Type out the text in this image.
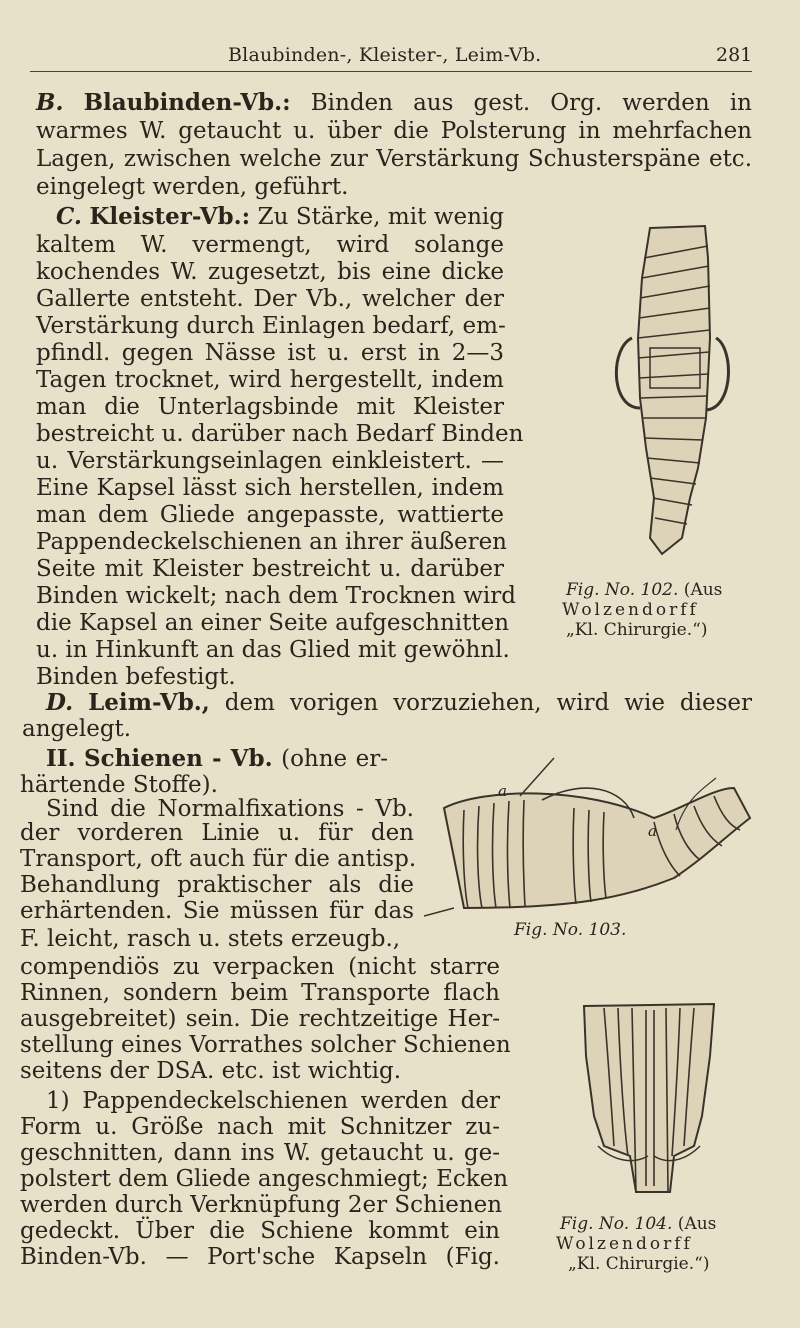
Blaubinden-, Kleister-, Leim-Vb.	281
B. Blaubinden-Vb.: Binden aus gest. Org. werden in
warmes W. getaucht u. über die Polsterung in mehrfachen
Lagen, zwischen welche zur Verstärkung Schusterspäne etc.
eingelegt werden, geführt.
C. Kleister-Vb.: Zu Stärke, mit wenig
kaltem W. vermengt, wird solange
kochendes W. zugesetzt, bis eine dicke
Gallerte entsteht. Der Vb., welcher der
Verstärkung durch Einlagen bedarf, em-
pfindl. gegen Nässe ist u. erst in 2—3
Tagen trocknet, wird hergestellt, indem
man die Unterlagsbinde mit Kleister
bestreicht u. darüber nach Bedarf Binden
u. Verstärkungseinlagen einkleistert. —
Eine Kapsel lässt sich herstellen, indem
man dem Gliede angepasste, wattierte
Pappendeckelschienen an ihrer äußeren
Seite mit Kleister bestreicht u. darüber
Binden wickelt; nach dem Trocknen wird
die Kapsel an einer Seite aufgeschnitten
u. in Hinkunft an das Glied mit gewöhnl.
Binden befestigt.
Fig. No. 102. (Aus
Wolzendorff
„Kl. Chirurgie.“)
D. Leim-Vb., dem vorigen vorzuziehen, wird wie dieser
angelegt.
II. Schienen - Vb. (ohne er-
härtende Stoffe).
Sind die Normalfixations - Vb.
der vorderen Linie u. für den
Transport, oft auch für die antisp.
Behandlung praktischer als die
erhärtenden. Sie müssen für das
F. leicht, rasch u. stets erzeugb.,
compendiös zu verpacken (nicht starre
Rinnen, sondern beim Transporte flach
ausgebreitet) sein. Die rechtzeitige Her-
stellung eines Vorrathes solcher Schienen
seitens der DSA. etc. ist wichtig.
a
a
Fig. No. 103.
1) Pappendeckelschienen werden der
Form u. Größe nach mit Schnitzer zu-
geschnitten, dann ins W. getaucht u. ge-
polstert dem Gliede angeschmiegt; Ecken
werden durch Verknüpfung 2er Schienen
gedeckt. Über die Schiene kommt ein
Binden-Vb. — Port'sche Kapseln (Fig.
Fig. No. 104. (Aus
Wolzendorff
„Kl. Chirurgie.“)
